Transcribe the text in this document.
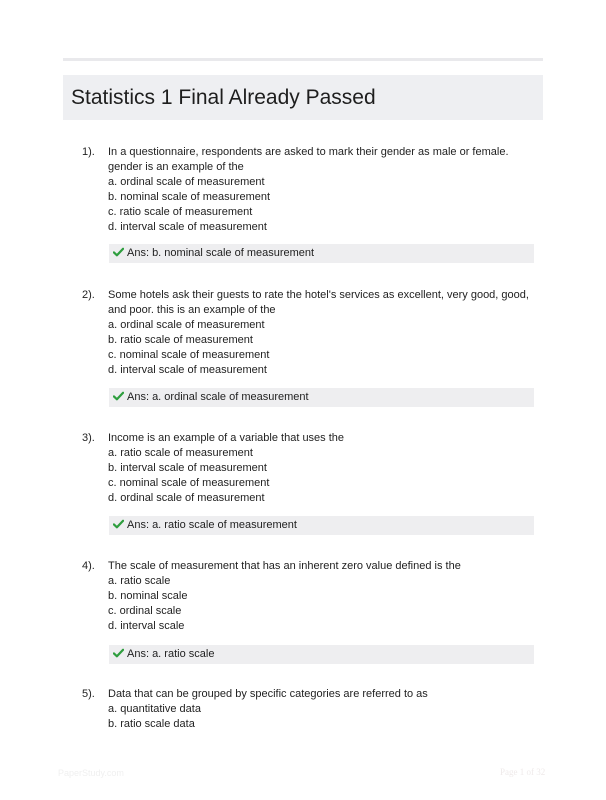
Statistics 1 Final Already Passed
1). In a questionnaire, respondents are asked to mark their gender as male or female. gender is an example of the
a. ordinal scale of measurement
b. nominal scale of measurement
c. ratio scale of measurement
d. interval scale of measurement
Ans: b. nominal scale of measurement
2). Some hotels ask their guests to rate the hotel's services as excellent, very good, good, and poor. this is an example of the
a. ordinal scale of measurement
b. ratio scale of measurement
c. nominal scale of measurement
d. interval scale of measurement
Ans: a. ordinal scale of measurement
3). Income is an example of a variable that uses the
a. ratio scale of measurement
b. interval scale of measurement
c. nominal scale of measurement
d. ordinal scale of measurement
Ans: a. ratio scale of measurement
4). The scale of measurement that has an inherent zero value defined is the
a. ratio scale
b. nominal scale
c. ordinal scale
d. interval scale
Ans: a. ratio scale
5). Data that can be grouped by specific categories are referred to as
a. quantitative data
b. ratio scale data
PaperStudy.com	Page 1 of 32
